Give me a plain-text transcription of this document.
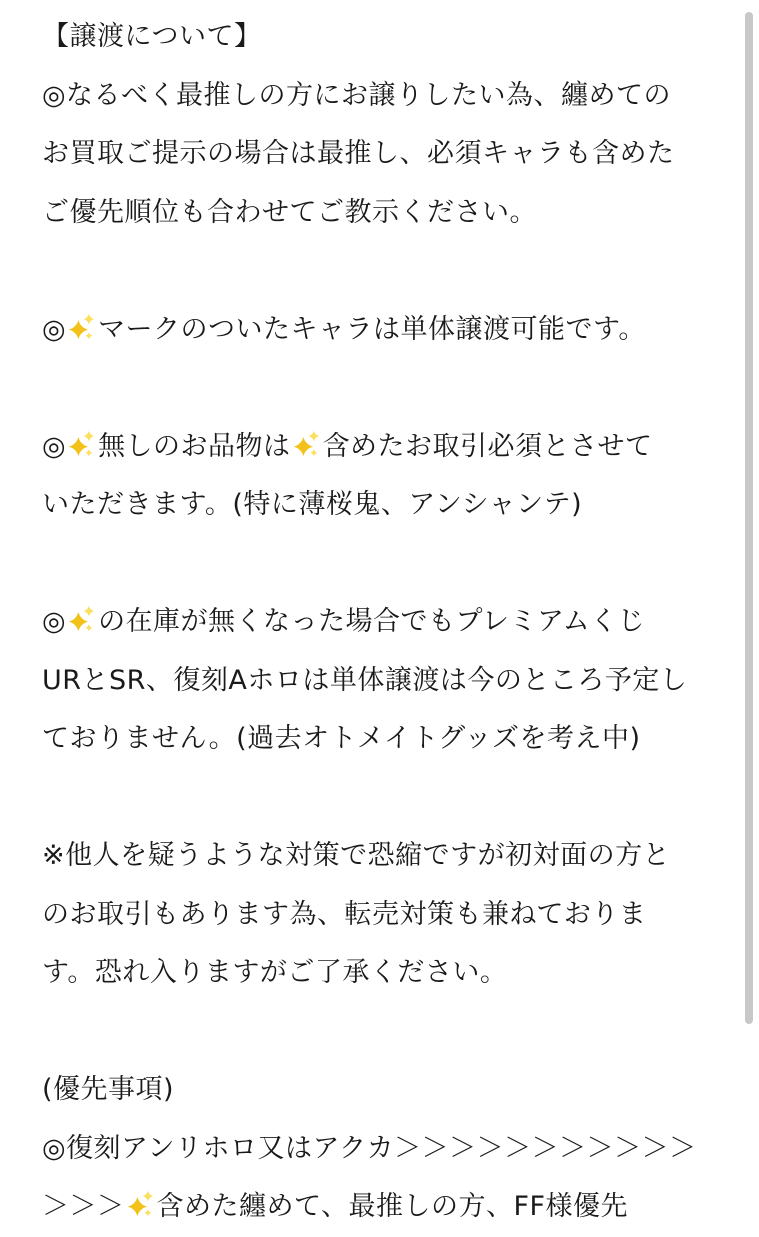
【譲渡について】
◎なるべく最推しの方にお譲りしたい為、纏めての
お買取ご提示の場合は最推し、必須キャラも含めた
ご優先順位も合わせてご教示ください。
◎ マークのついたキャラは単体譲渡可能です。
◎ 無しのお品物は 含めたお取引必須とさせて
いただきます。(特に薄桜鬼、アンシャンテ)
◎ の在庫が無くなった場合でもプレミアムくじ
URとSR、復刻Aホロは単体譲渡は今のところ予定し
ておりません。(過去オトメイトグッズを考え中)
※他人を疑うような対策で恐縮ですが初対面の方と
のお取引もあります為、転売対策も兼ねておりま
す。恐れ入りますがご了承ください。
(優先事項)
◎復刻アンリホロ又はアクカ＞＞＞＞＞＞＞＞＞＞＞
＞＞＞ 含めた纏めて、最推しの方、FF様優先
